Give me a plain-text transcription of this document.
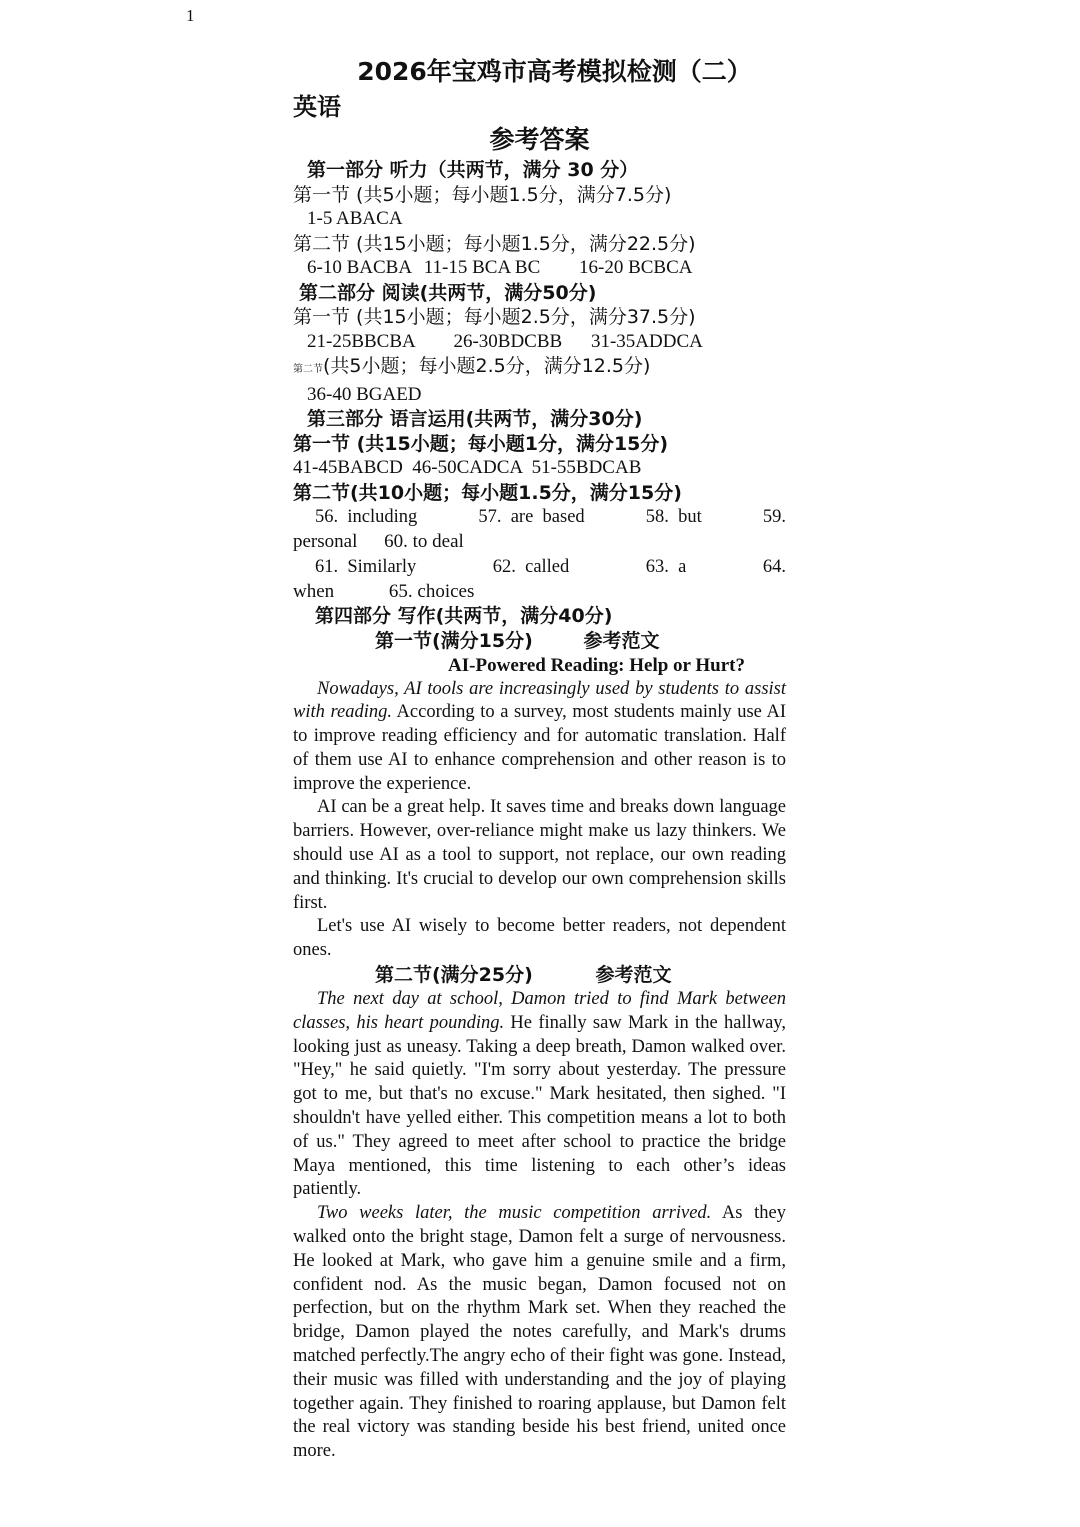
1
2026年宝鸡市高考模拟检测（二）
英语
参考答案
第一部分 听力（共两节，满分 30 分）
第一节 (共5小题；每小题1.5分，满分7.5分)
1-5 ABACA
第二节 (共15小题；每小题1.5分，满分22.5分)
6-10 BACBA 11-15 BCA BC 16-20 BCBCA
第二部分 阅读(共两节，满分50分)
第一节 (共15小题；每小题2.5分，满分37.5分)
21-25BBCBA 26-30BDCBB 31-35ADDCA
第二节(共5小题；每小题2.5分，满分12.5分)
36-40 BGAED
第三部分 语言运用(共两节，满分30分)
第一节 (共15小题；每小题1分，满分15分)
41-45BABCD  46-50CADCA  51-55BDCAB
第二节(共10小题；每小题1.5分，满分15分)
56.  including	57.  are  based	58.  but	59.
personal 60. to deal
61.  Similarly	62.  called	63.  a	64.
when	65. choices
第四部分 写作(共两节，满分40分)
第一节(满分15分)	参考范文
AI-Powered Reading: Help or Hurt?

Nowadays, AI tools are increasingly used by students to assist with reading. According to a survey, most students mainly use AI to improve reading efficiency and for automatic translation. Half of them use AI to enhance comprehension and other reason is to improve the experience.

AI can be a great help. It saves time and breaks down language barriers. However, over-reliance might make us lazy thinkers. We should use AI as a tool to support, not replace, our own reading and thinking. It's crucial to develop our own comprehension skills first.

Let's use AI wisely to become better readers, not dependent ones.

第二节(满分25分)	参考范文

The next day at school, Damon tried to find Mark between classes, his heart pounding. He finally saw Mark in the hallway, looking just as uneasy. Taking a deep breath, Damon walked over. "Hey," he said quietly. "I'm sorry about yesterday. The pressure got to me, but that's no excuse." Mark hesitated, then sighed. "I shouldn't have yelled either. This competition means a lot to both of us." They agreed to meet after school to practice the bridge Maya mentioned, this time listening to each other’s ideas patiently.

Two weeks later, the music competition arrived. As they walked onto the bright stage, Damon felt a surge of nervousness. He looked at Mark, who gave him a genuine smile and a firm, confident nod. As the music began, Damon focused not on perfection, but on the rhythm Mark set. When they reached the bridge, Damon played the notes carefully, and Mark's drums matched perfectly.The angry echo of their fight was gone. Instead, their music was filled with understanding and the joy of playing together again. They finished to roaring applause, but Damon felt the real victory was standing beside his best friend, united once more.
